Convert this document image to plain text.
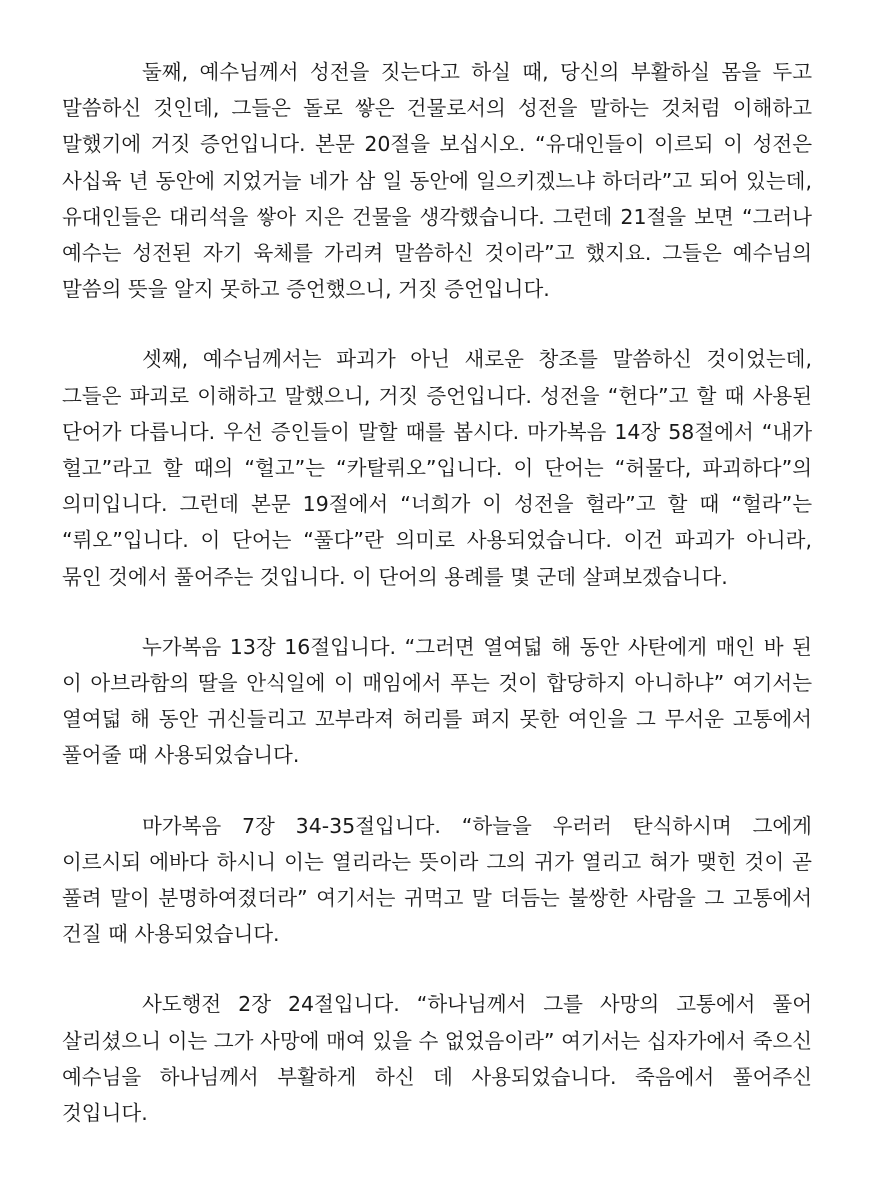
둘째, 예수님께서 성전을 짓는다고 하실 때, 당신의 부활하실 몸을 두고 말씀하신 것인데, 그들은 돌로 쌓은 건물로서의 성전을 말하는 것처럼 이해하고 말했기에 거짓 증언입니다. 본문 20절을 보십시오. “유대인들이 이르되 이 성전은 사십육 년 동안에 지었거늘 네가 삼 일 동안에 일으키겠느냐 하더라”고 되어 있는데, 유대인들은 대리석을 쌓아 지은 건물을 생각했습니다. 그런데 21절을 보면 “그러나 예수는 성전된 자기 육체를 가리켜 말씀하신 것이라”고 했지요. 그들은 예수님의 말씀의 뜻을 알지 못하고 증언했으니, 거짓 증언입니다.

셋째, 예수님께서는 파괴가 아닌 새로운 창조를 말씀하신 것이었는데, 그들은 파괴로 이해하고 말했으니, 거짓 증언입니다. 성전을 “헌다”고 할 때 사용된 단어가 다릅니다. 우선 증인들이 말할 때를 봅시다. 마가복음 14장 58절에서 “내가 헐고”라고 할 때의 “헐고”는 “카탈뤼오”입니다. 이 단어는 “허물다, 파괴하다”의 의미입니다. 그런데 본문 19절에서 “너희가 이 성전을 헐라”고 할 때 “헐라”는 “뤼오”입니다. 이 단어는 “풀다”란 의미로 사용되었습니다. 이건 파괴가 아니라, 묶인 것에서 풀어주는 것입니다. 이 단어의 용례를 몇 군데 살펴보겠습니다.

누가복음 13장 16절입니다. “그러면 열여덟 해 동안 사탄에게 매인 바 된 이 아브라함의 딸을 안식일에 이 매임에서 푸는 것이 합당하지 아니하냐” 여기서는 열여덟 해 동안 귀신들리고 꼬부라져 허리를 펴지 못한 여인을 그 무서운 고통에서 풀어줄 때 사용되었습니다.

마가복음 7장 34-35절입니다. “하늘을 우러러 탄식하시며 그에게 이르시되 에바다 하시니 이는 열리라는 뜻이라 그의 귀가 열리고 혀가 맺힌 것이 곧 풀려 말이 분명하여졌더라” 여기서는 귀먹고 말 더듬는 불쌍한 사람을 그 고통에서 건질 때 사용되었습니다.

사도행전 2장 24절입니다. “하나님께서 그를 사망의 고통에서 풀어 살리셨으니 이는 그가 사망에 매여 있을 수 없었음이라” 여기서는 십자가에서 죽으신 예수님을 하나님께서 부활하게 하신 데 사용되었습니다. 죽음에서 풀어주신 것입니다.
